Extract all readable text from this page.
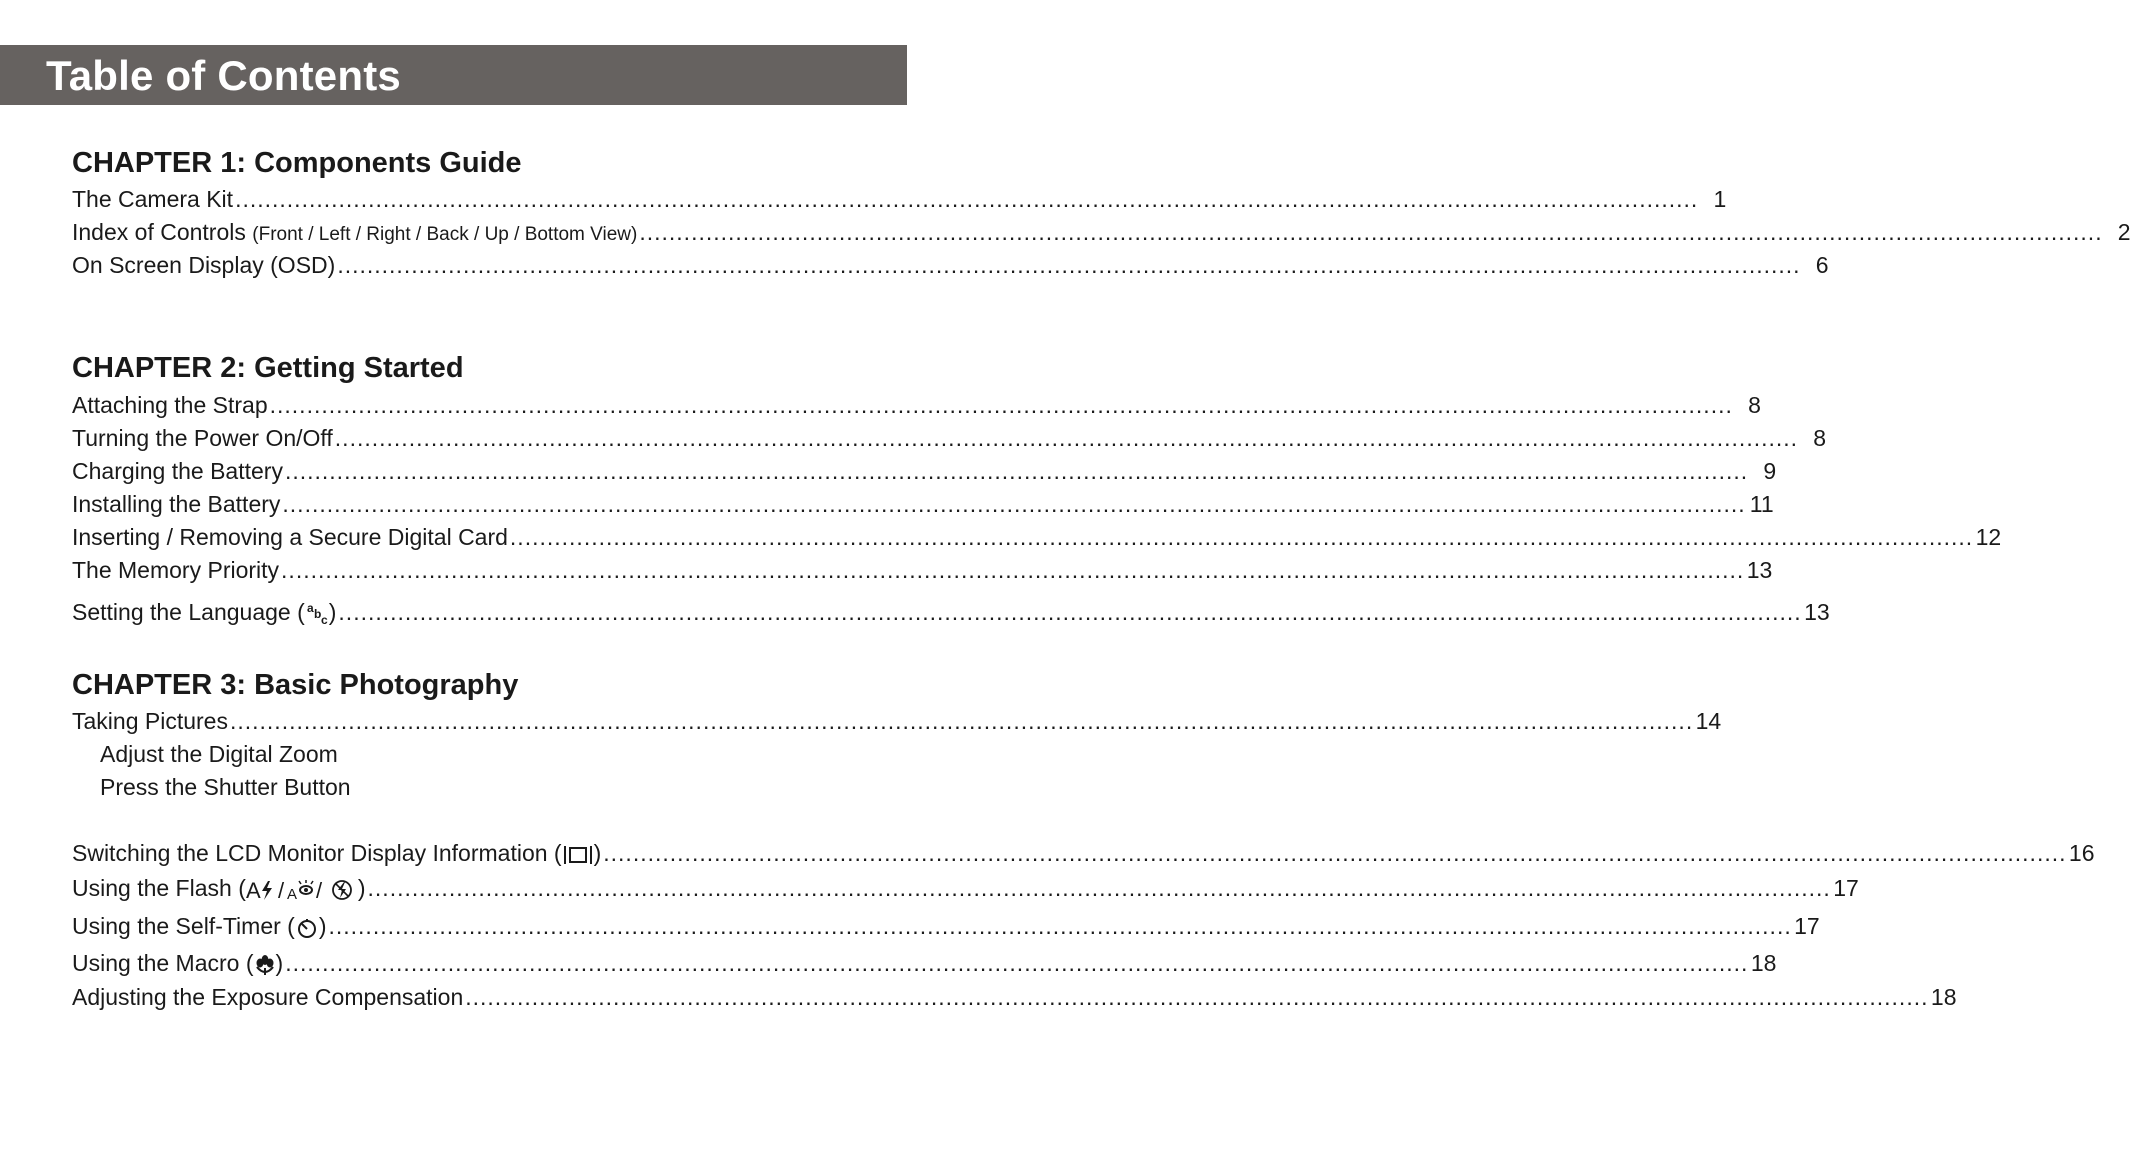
Table of Contents
CHAPTER 1: Components Guide
The Camera Kit ...................................................................................................................................................................................................... 1
Index of Controls (Front / Left / Right / Back / Up / Bottom View) ...................................................................................................................................................................................................... 2
On Screen Display (OSD) ...................................................................................................................................................................................................... 6
CHAPTER 2: Getting Started
Attaching the Strap ...................................................................................................................................................................................................... 8
Turning the Power On/Off ...................................................................................................................................................................................................... 8
Charging the Battery ...................................................................................................................................................................................................... 9
Installing the Battery ...................................................................................................................................................................................................... 11
Inserting / Removing a Secure Digital Card ...................................................................................................................................................................................................... 12
The Memory Priority ...................................................................................................................................................................................................... 13
Setting the Language ( a b c ) ...................................................................................................................................................................................................... 13
CHAPTER 3: Basic Photography
Taking Pictures ...................................................................................................................................................................................................... 14
Adjust the Digital Zoom
Press the Shutter Button
Switching the LCD Monitor Display Information ( ) ...................................................................................................................................................................................................... 16
Using the Flash ( A / A / ) ...................................................................................................................................................................................................... 17
Using the Self-Timer ( ) ...................................................................................................................................................................................................... 17
Using the Macro ( ) ...................................................................................................................................................................................................... 18
Adjusting the Exposure Compensation ...................................................................................................................................................................................................... 18
